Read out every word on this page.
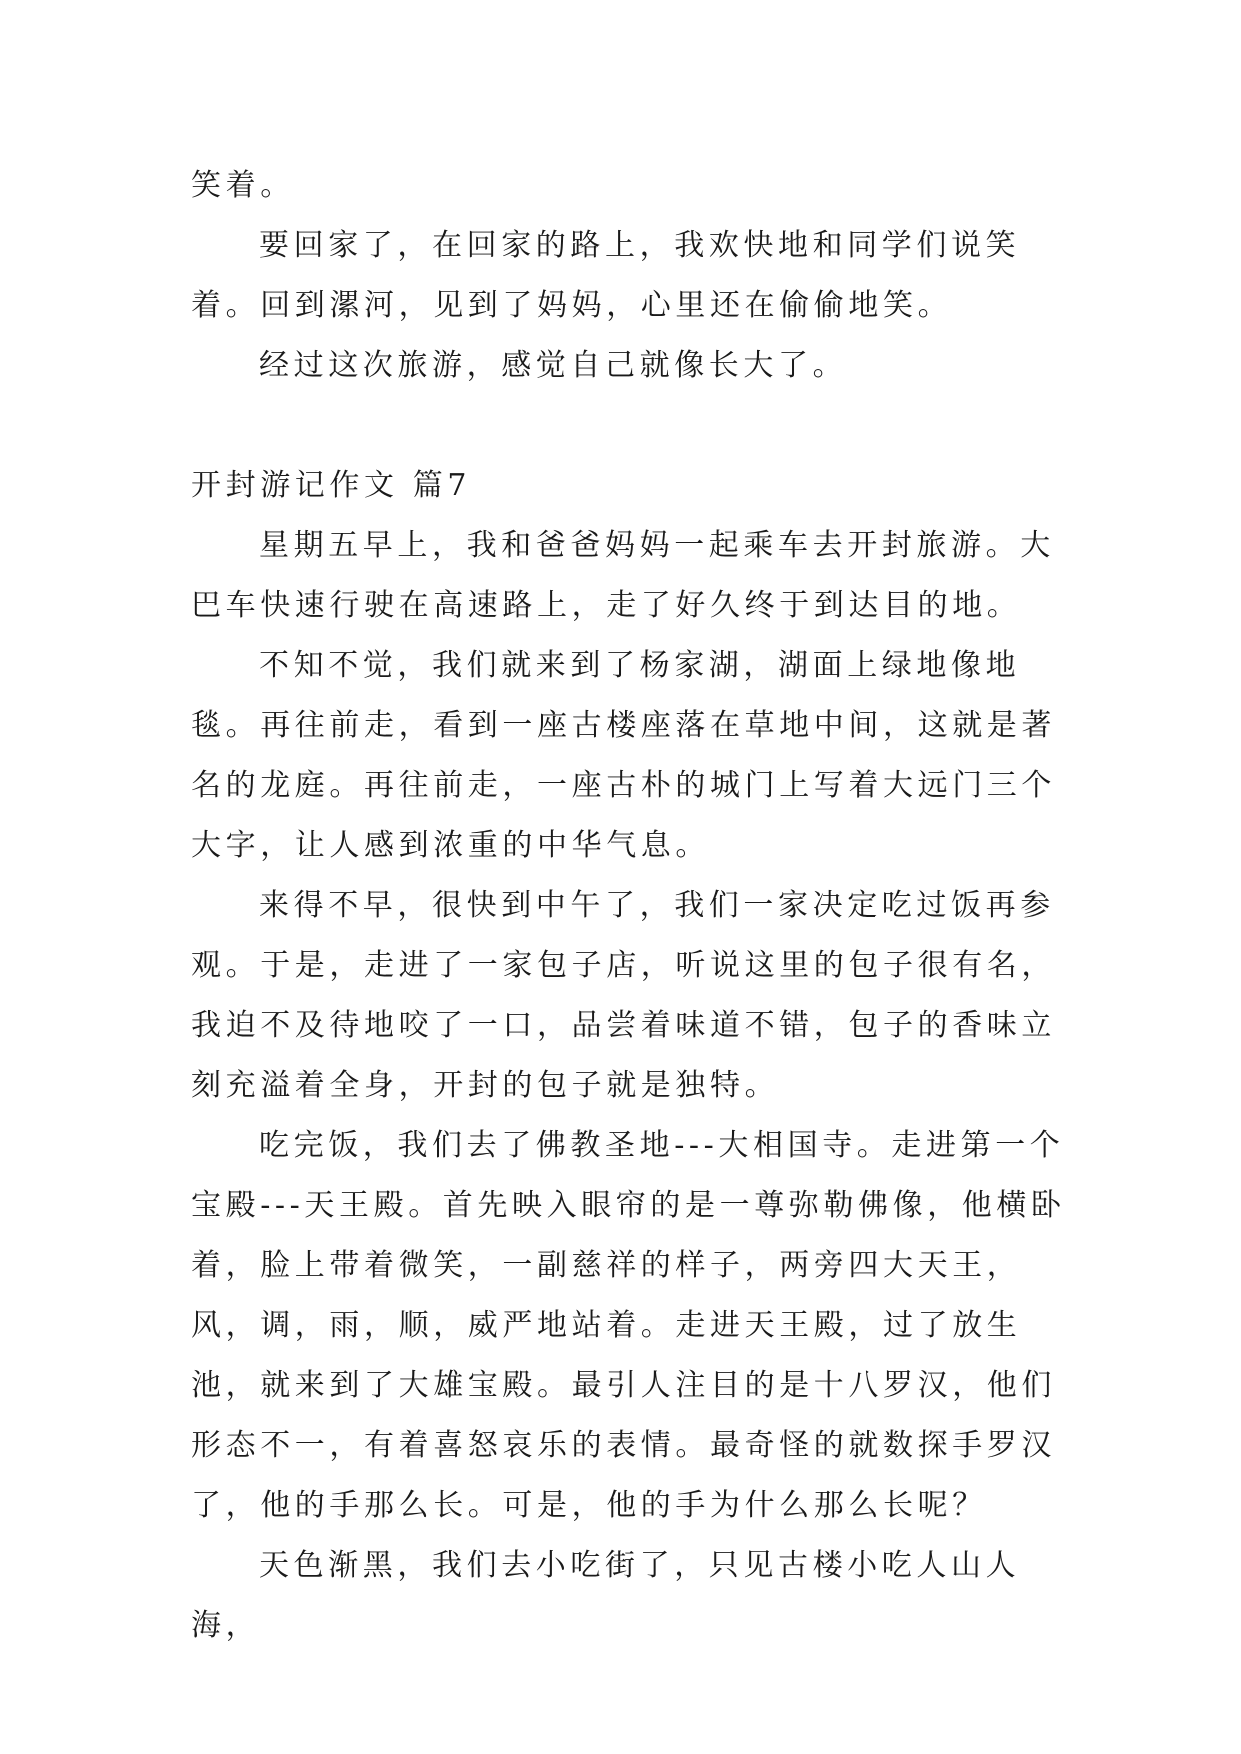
笑着。

要回家了，在回家的路上，我欢快地和同学们说笑着。回到漯河，见到了妈妈，心里还在偷偷地笑。

经过这次旅游，感觉自己就像长大了。

开封游记作文 篇7

星期五早上，我和爸爸妈妈一起乘车去开封旅游。大巴车快速行驶在高速路上，走了好久终于到达目的地。

不知不觉，我们就来到了杨家湖，湖面上绿地像地毯。再往前走，看到一座古楼座落在草地中间，这就是著名的龙庭。再往前走，一座古朴的城门上写着大远门三个大字，让人感到浓重的中华气息。

来得不早，很快到中午了，我们一家决定吃过饭再参观。于是，走进了一家包子店，听说这里的包子很有名，我迫不及待地咬了一口，品尝着味道不错，包子的香味立刻充溢着全身，开封的包子就是独特。

吃完饭，我们去了佛教圣地---大相国寺。走进第一个宝殿---天王殿。首先映入眼帘的是一尊弥勒佛像，他横卧着，脸上带着微笑，一副慈祥的样子，两旁四大天王，风，调，雨，顺，威严地站着。走进天王殿，过了放生池，就来到了大雄宝殿。最引人注目的是十八罗汉，他们形态不一，有着喜怒哀乐的表情。最奇怪的就数探手罗汉了，他的手那么长。可是，他的手为什么那么长呢？

天色渐黑，我们去小吃街了，只见古楼小吃人山人海，
